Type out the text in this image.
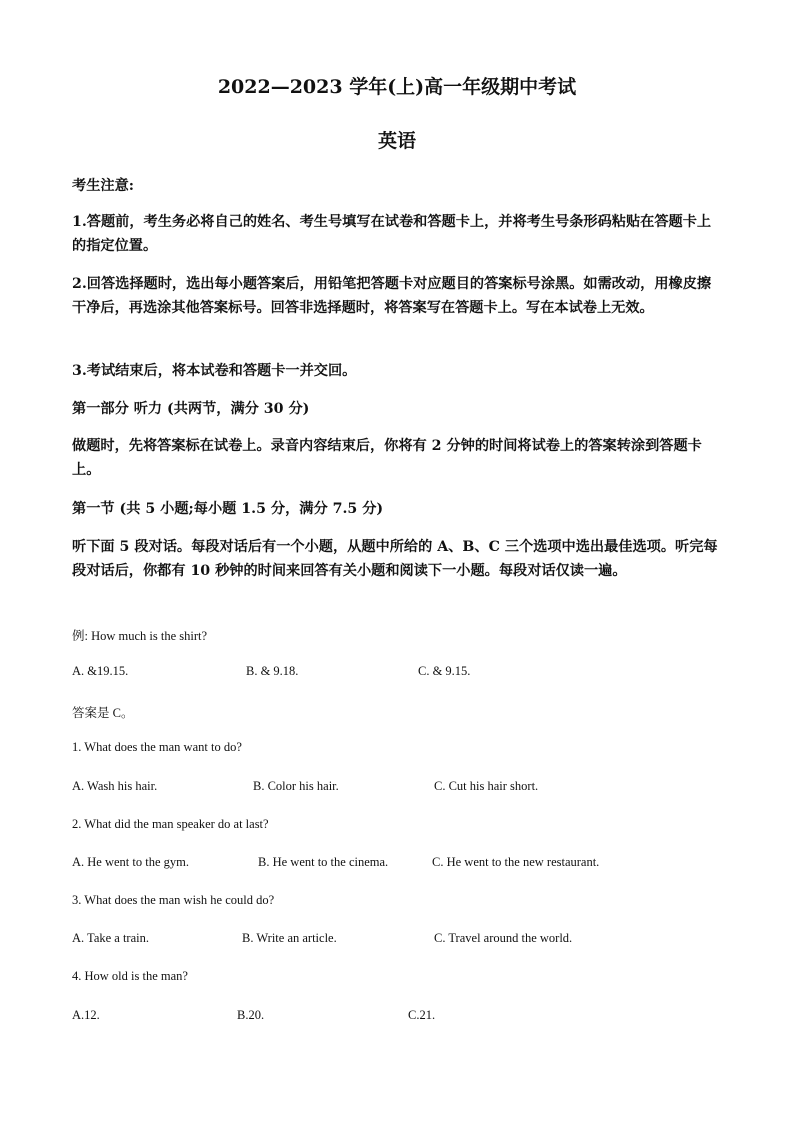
2022—2023 学年(上)高一年级期中考试
英语
考生注意:
1.答题前，考生务必将自己的姓名、考生号填写在试卷和答题卡上，并将考生号条形码粘贴在答题卡上的指定位置。
2.回答选择题时，选出每小题答案后，用铅笔把答题卡对应题目的答案标号涂黑。如需改动，用橡皮擦干净后，再选涂其他答案标号。回答非选择题时，将答案写在答题卡上。写在本试卷上无效。
3.考试结束后，将本试卷和答题卡一并交回。
第一部分 听力 (共两节，满分 30 分)
做题时，先将答案标在试卷上。录音内容结束后，你将有 2 分钟的时间将试卷上的答案转涂到答题卡上。
第一节 (共 5 小题;每小题 1.5 分，满分 7.5 分)
听下面 5 段对话。每段对话后有一个小题，从题中所给的 A、B、C 三个选项中选出最佳选项。听完每段对话后，你都有 10 秒钟的时间来回答有关小题和阅读下一小题。每段对话仅读一遍。
例: How much is the shirt?
A. &19.15.	B. & 9.18.	C. & 9.15.
答案是 C。
1. What does the man want to do?
A. Wash his hair.	B. Color his hair.	C. Cut his hair short.
2. What did the man speaker do at last?
A. He went to the gym.	B. He went to the cinema.	C. He went to the new restaurant.
3. What does the man wish he could do?
A. Take a train.	B. Write an article.	C. Travel around the world.
4. How old is the man?
A.12.	B.20.	C.21.
